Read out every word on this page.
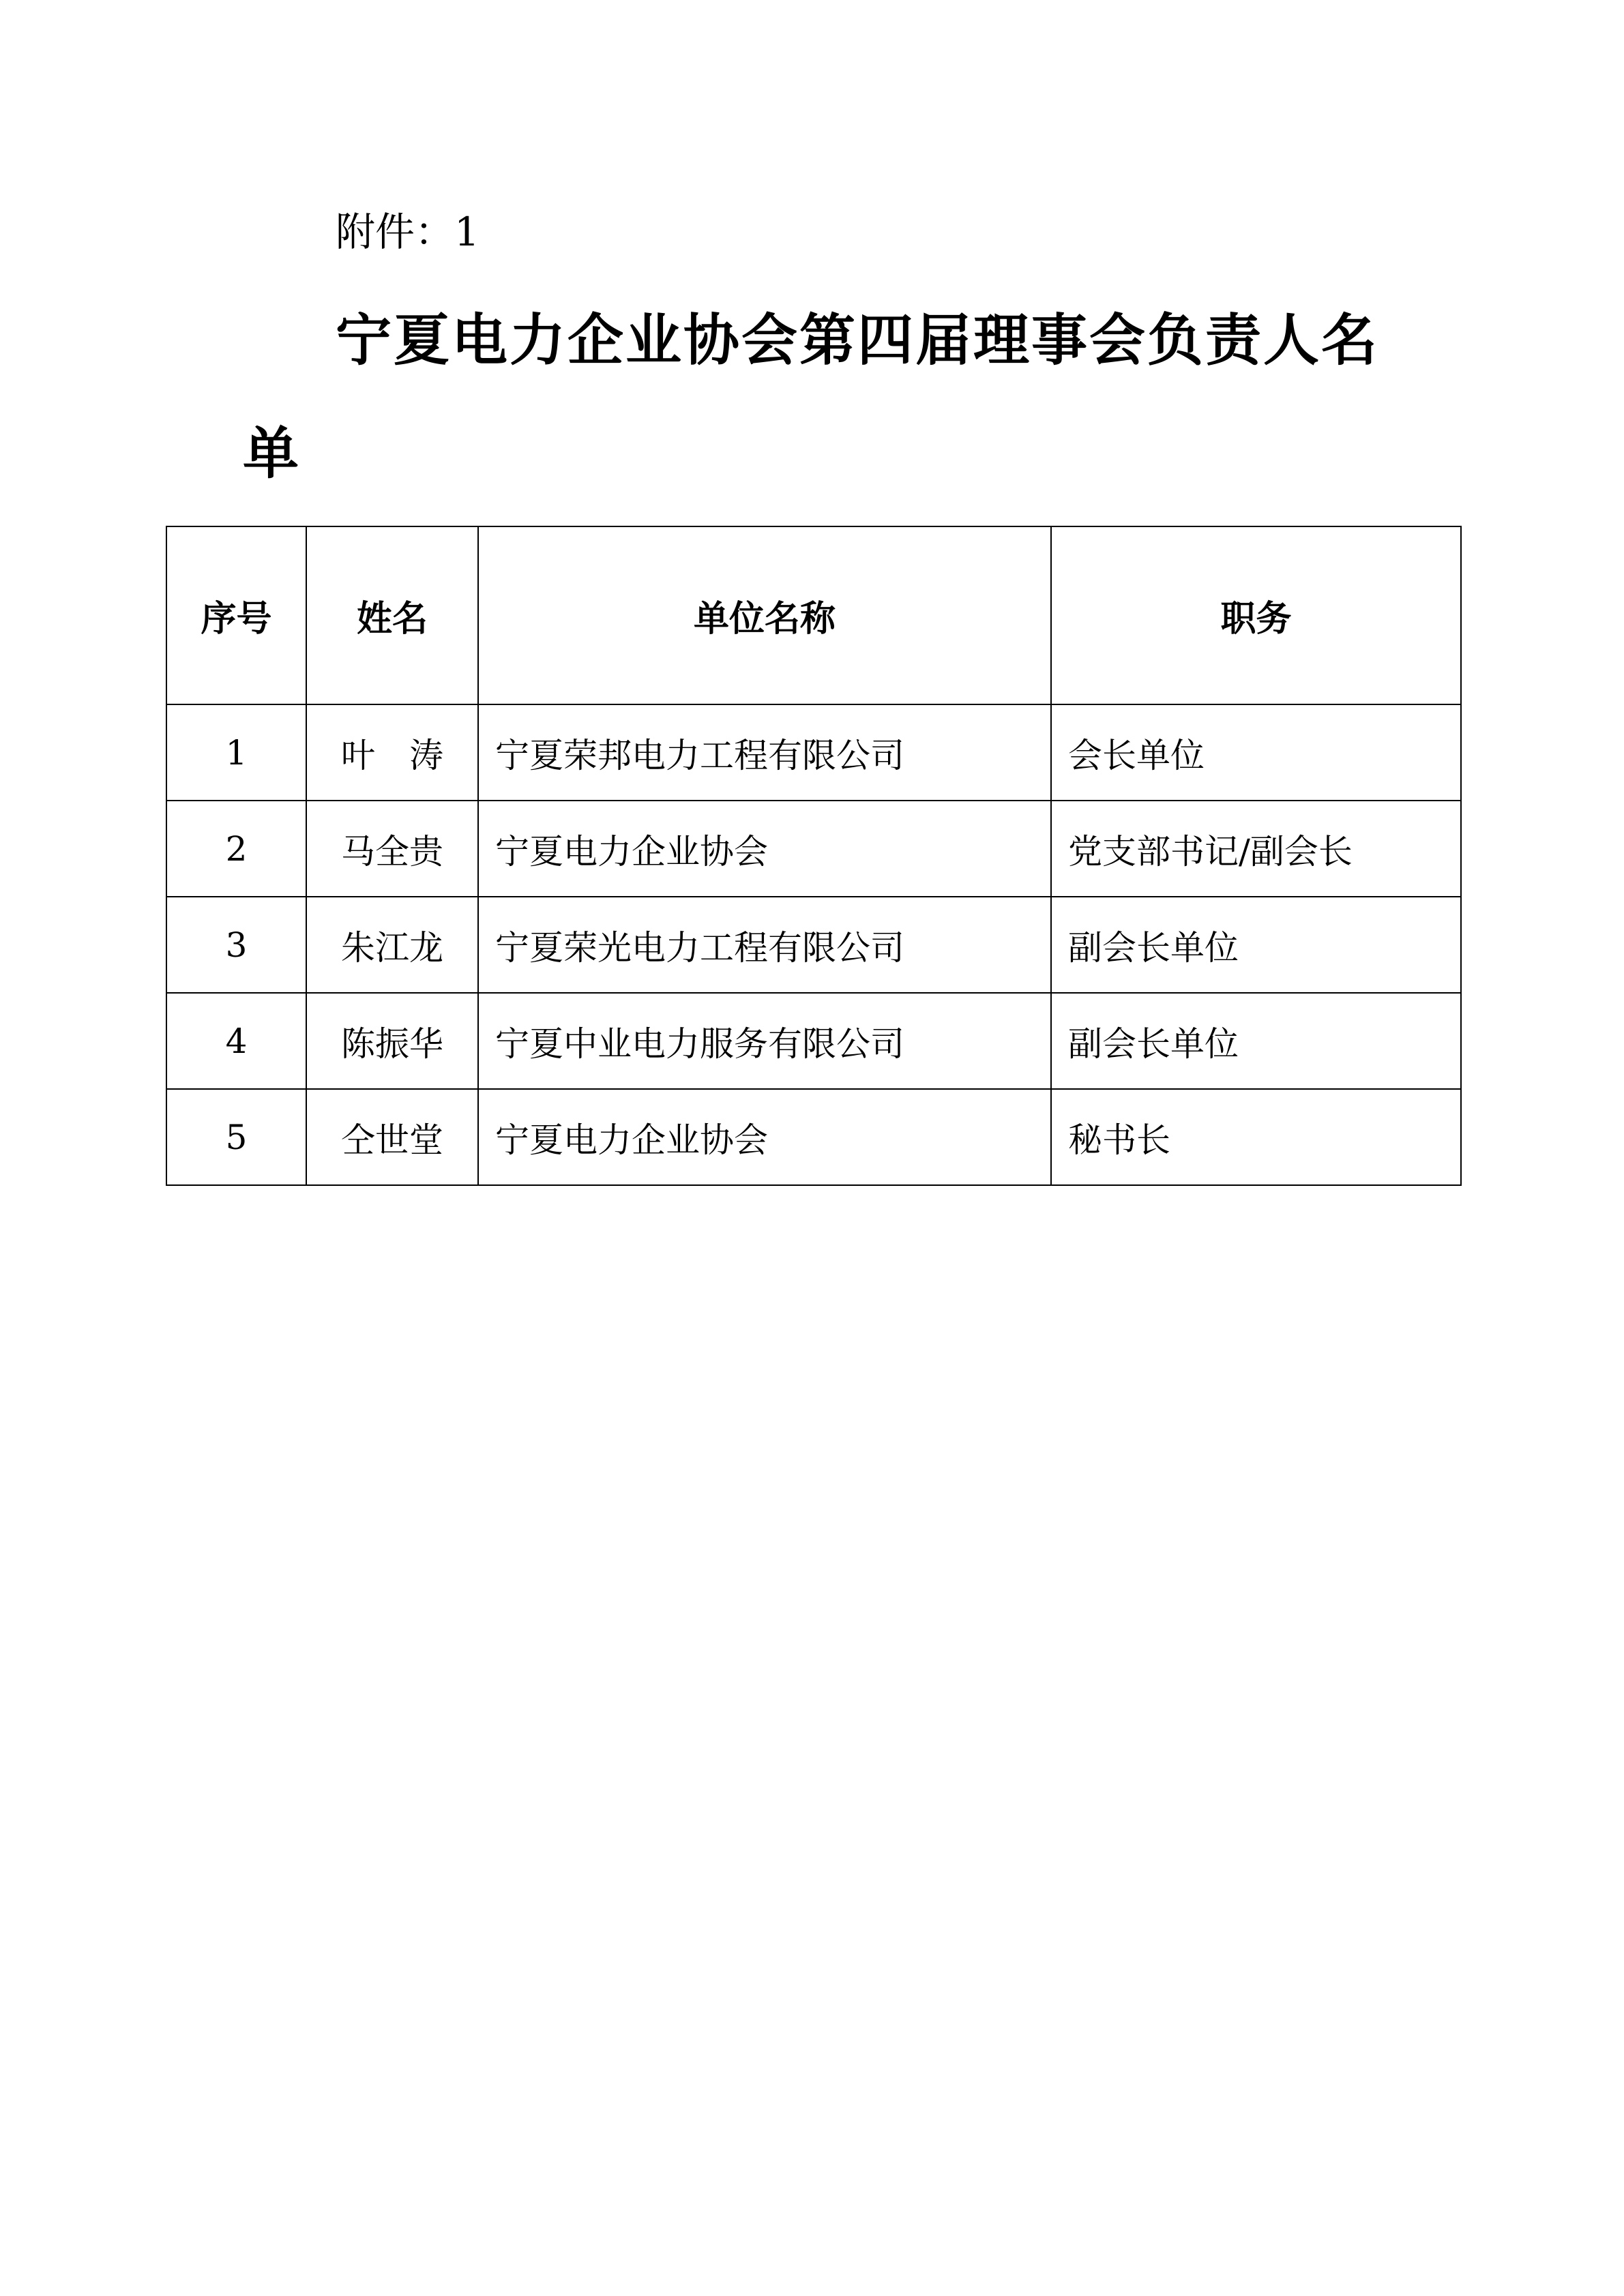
附件：1
宁夏电力企业协会第四届理事会负责人名
单
序号	姓名	单位名称	职务
1	叶　涛	宁夏荣邦电力工程有限公司	会长单位
2	马全贵	宁夏电力企业协会	党支部书记/副会长
3	朱江龙	宁夏荣光电力工程有限公司	副会长单位
4	陈振华	宁夏中业电力服务有限公司	副会长单位
5	仝世堂	宁夏电力企业协会	秘书长
